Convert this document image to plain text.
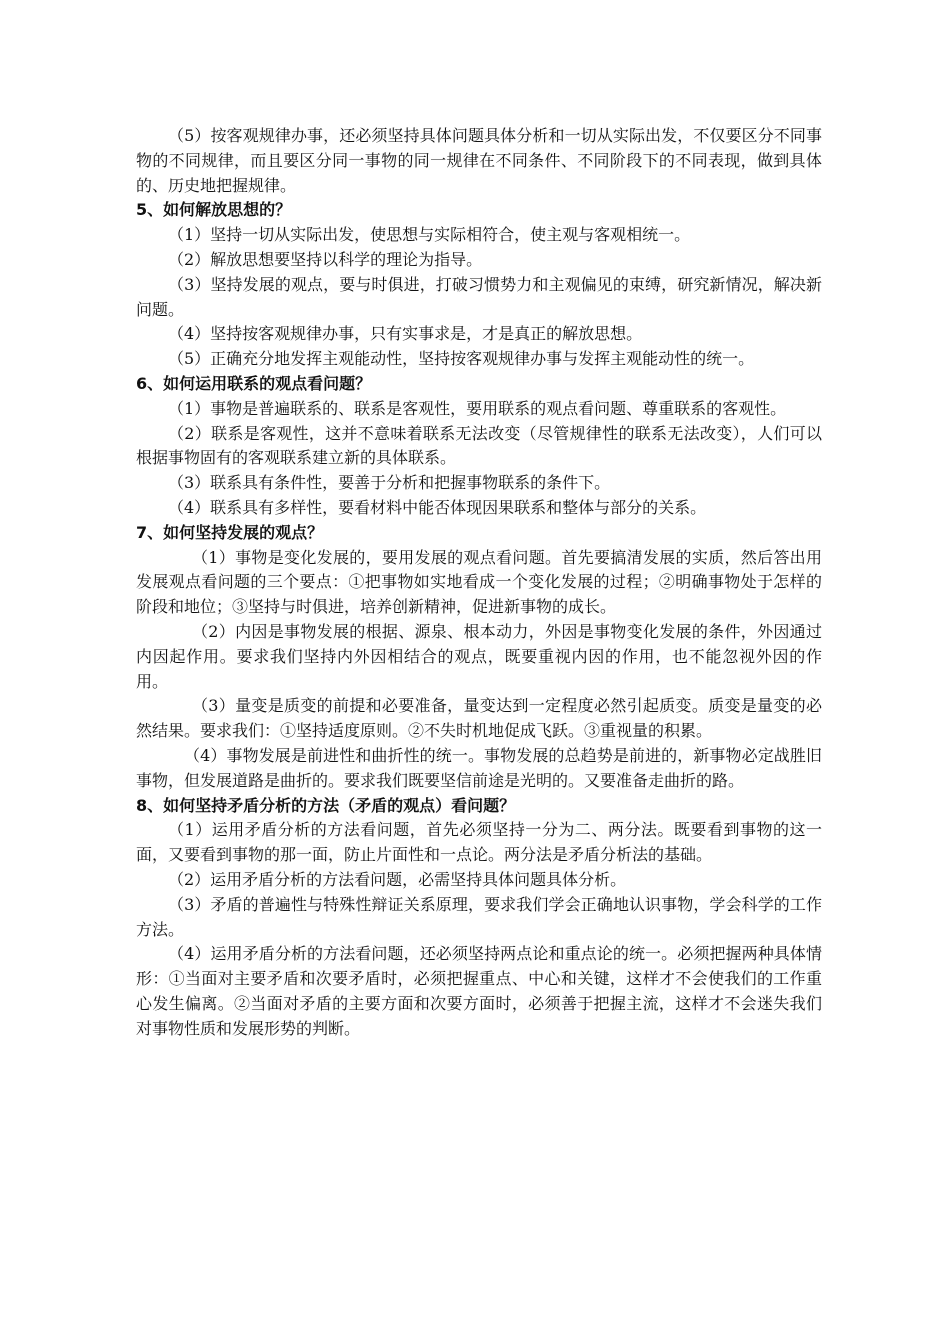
（5）按客观规律办事，还必须坚持具体问题具体分析和一切从实际出发，不仅要区分不同事物的不同规律，而且要区分同一事物的同一规律在不同条件、不同阶段下的不同表现，做到具体的、历史地把握规律。

5、如何解放思想的？

（1）坚持一切从实际出发，使思想与实际相符合，使主观与客观相统一。

（2）解放思想要坚持以科学的理论为指导。

（3）坚持发展的观点，要与时俱进，打破习惯势力和主观偏见的束缚，研究新情况，解决新问题。

（4）坚持按客观规律办事，只有实事求是，才是真正的解放思想。

（5）正确充分地发挥主观能动性，坚持按客观规律办事与发挥主观能动性的统一。

6、如何运用联系的观点看问题？

（1）事物是普遍联系的、联系是客观性，要用联系的观点看问题、尊重联系的客观性。

（2）联系是客观性，这并不意味着联系无法改变（尽管规律性的联系无法改变），人们可以根据事物固有的客观联系建立新的具体联系。

（3）联系具有条件性，要善于分析和把握事物联系的条件下。

（4）联系具有多样性，要看材料中能否体现因果联系和整体与部分的关系。

7、如何坚持发展的观点？

（1）事物是变化发展的，要用发展的观点看问题。首先要搞清发展的实质，然后答出用发展观点看问题的三个要点：①把事物如实地看成一个变化发展的过程；②明确事物处于怎样的阶段和地位；③坚持与时俱进，培养创新精神，促进新事物的成长。

（2）内因是事物发展的根据、源泉、根本动力，外因是事物变化发展的条件，外因通过内因起作用。要求我们坚持内外因相结合的观点，既要重视内因的作用，也不能忽视外因的作用。

（3）量变是质变的前提和必要准备，量变达到一定程度必然引起质变。质变是量变的必然结果。要求我们：①坚持适度原则。②不失时机地促成飞跃。③重视量的积累。

（4）事物发展是前进性和曲折性的统一。事物发展的总趋势是前进的，新事物必定战胜旧事物，但发展道路是曲折的。要求我们既要坚信前途是光明的。又要准备走曲折的路。

8、如何坚持矛盾分析的方法（矛盾的观点）看问题？

（1）运用矛盾分析的方法看问题，首先必须坚持一分为二、两分法。既要看到事物的这一面，又要看到事物的那一面，防止片面性和一点论。两分法是矛盾分析法的基础。

（2）运用矛盾分析的方法看问题，必需坚持具体问题具体分析。

（3）矛盾的普遍性与特殊性辩证关系原理，要求我们学会正确地认识事物，学会科学的工作方法。

（4）运用矛盾分析的方法看问题，还必须坚持两点论和重点论的统一。必须把握两种具体情形：①当面对主要矛盾和次要矛盾时，必须把握重点、中心和关键，这样才不会使我们的工作重心发生偏离。②当面对矛盾的主要方面和次要方面时，必须善于把握主流，这样才不会迷失我们对事物性质和发展形势的判断。
